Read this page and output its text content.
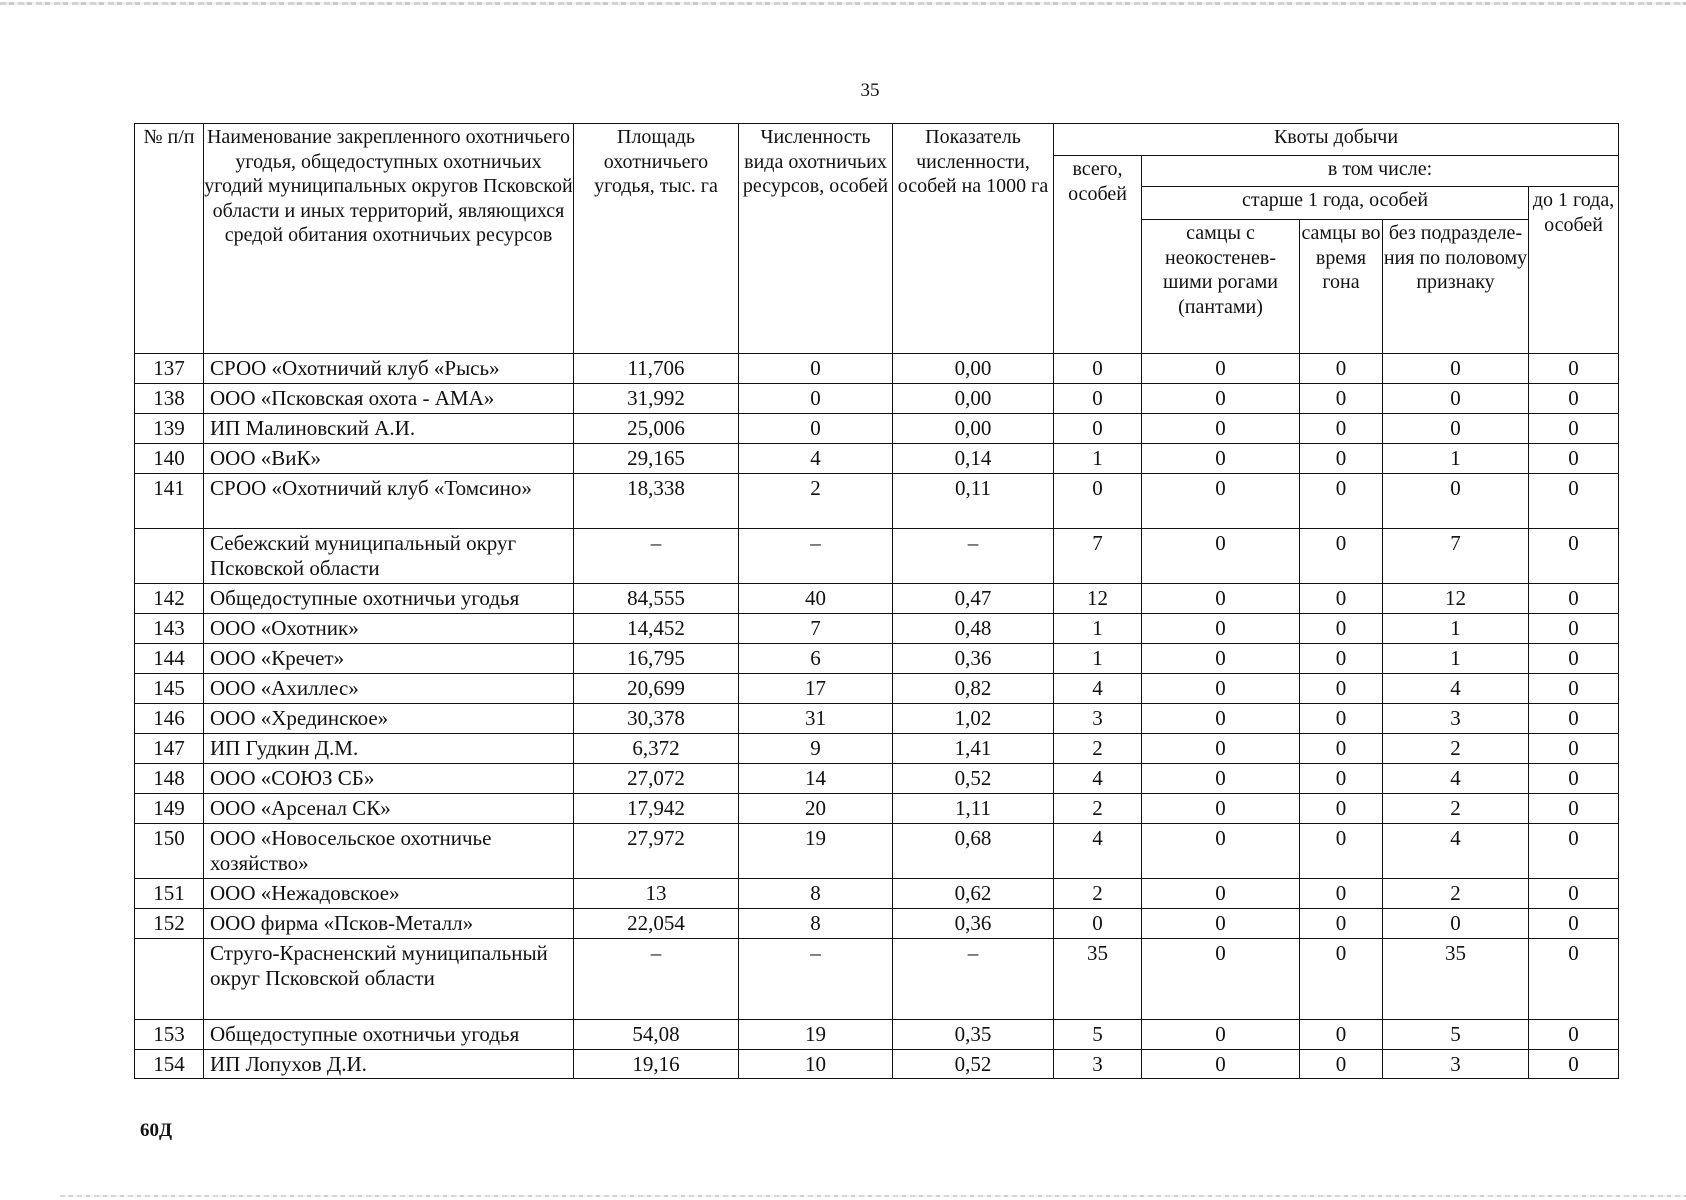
35
№ п/п	Наименование закрепленного охотничьего угодья, общедоступных охотничьих угодий муниципальных округов Псковской области и иных территорий, являющихся средой обитания охотничьих ресурсов	Площадь охотничьего угодья, тыс. га	Численность вида охотничьих ресурсов, особей	Показатель численности, особей на 1000 га	Квоты добычи				
					всего, особей	в том числе:			
						старше 1 года, особей			до 1 года, особей
						самцы с неокостенев-шими рогами (пантами)	самцы во время гона	без подразделе-ния по половому признаку	
137	СРОО «Охотничий клуб «Рысь»	11,706	0	0,00	0	0	0	0	0
138	ООО «Псковская охота - АМА»	31,992	0	0,00	0	0	0	0	0
139	ИП Малиновский А.И.	25,006	0	0,00	0	0	0	0	0
140	ООО «ВиК»	29,165	4	0,14	1	0	0	1	0
141	СРОО «Охотничий клуб «Томсино»	18,338	2	0,11	0	0	0	0	0
	Себежский муниципальный округ Псковской области	–	–	–	7	0	0	7	0
142	Общедоступные охотничьи угодья	84,555	40	0,47	12	0	0	12	0
143	ООО «Охотник»	14,452	7	0,48	1	0	0	1	0
144	ООО «Кречет»	16,795	6	0,36	1	0	0	1	0
145	ООО «Ахиллес»	20,699	17	0,82	4	0	0	4	0
146	ООО «Хрединское»	30,378	31	1,02	3	0	0	3	0
147	ИП Гудкин Д.М.	6,372	9	1,41	2	0	0	2	0
148	ООО «СОЮЗ СБ»	27,072	14	0,52	4	0	0	4	0
149	ООО «Арсенал СК»	17,942	20	1,11	2	0	0	2	0
150	ООО «Новосельское охотничье хозяйство»	27,972	19	0,68	4	0	0	4	0
151	ООО «Нежадовское»	13	8	0,62	2	0	0	2	0
152	ООО фирма «Псков-Металл»	22,054	8	0,36	0	0	0	0	0
	Струго-Красненский муниципальный округ Псковской области	–	–	–	35	0	0	35	0
153	Общедоступные охотничьи угодья	54,08	19	0,35	5	0	0	5	0
154	ИП Лопухов Д.И.	19,16	10	0,52	3	0	0	3	0
60Д
